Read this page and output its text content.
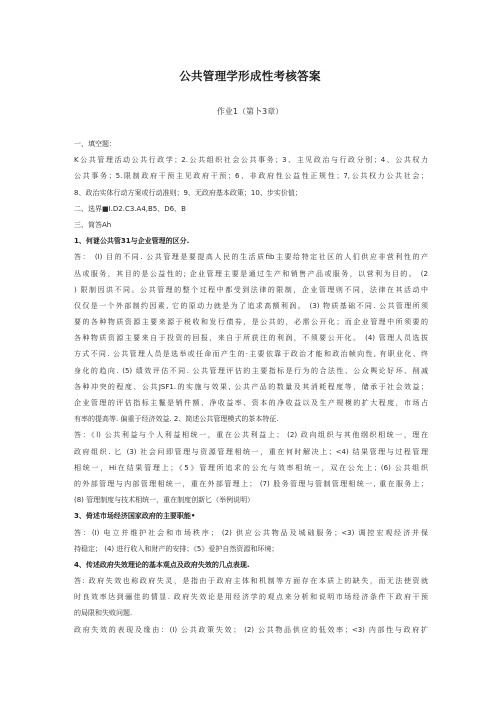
公共管理学形成性考核答案
作业1（第卜3章）
一、填空题：
K公共管理活动公共行政学；2.公共组织社会公共事务；3、主见政治与行政分别；4、公共权力
公共事务；5.限制政府干预主见政府干预；6、非政府性公益性正规性；7,公共权力公共社会；
8、政治实体行动方案或行动准则；9、无政府基本政策；10、步实价值；
二、选界■I.D2.C3.A4,B5、D6、B
三、简答Ah
1、何谜公共管31与企业管理的区分.
答： (I) 目的不同. 公共管理是要提高人民的生活质fib主要给特定社区的人们供应非营利性的产
丛或服务，其目的是公益性的; 企业管理主要是通过生产和销售产品或服务，以营利为目的。 (2
) 限制因洪不同。公共管理的整个过程中都受到法律的限制，企业管理则不同，法律在其活动中
仅仅是一个外部制约因素, 它的原动力就是为了追求高额利润。 (3) 物质基础不同. 公共管理所须
要的各种物质资源主要来源于税收和发行债券，是公共的，必需公开化；而企业管理中所须要的
各种物质资源主要来自于投资的回报，来自于所获注的利润，不须要公开化。 (4) 管理人员选拔
方式不同. 公共管理人员是选举或任命而产生的·主要依靠于政治才能和政治帧向性, 有职业化、终
身化的趋向. (5) 绩效评估不同. 公共管理评估的主要指标是行为的合法性、公众舆论好坏、削减
各种冲突的程度、公共JSF1.的实施与效果, 公共产品的数量及其消耗程度等，储承于社会效益；
企业管理的评估指标主鬣是销件额、净收益率、资本的净收益以及生产规模的扩大程度，市场占
有率的提高等. 偏重于经济效益. 2、简述公共管理模式的茶本特征.
答：《l) 公共利益与个人利益相统一，重在公共利益上； (2) 政向组织与其他纲织相统一，理在
政府组织. 匕 (3) 社会问即管理与资源管理相统一，重在何时解决上；<4) 结果管理与过程管理
相统一，Hi在结果管理上；《5》管理所追求的公允与效率相统一，双在公允上；(6) 公共组织
的外部管理与内部管理相统一，重在外部管理上； (7) 股务管理与管制管理相统一, 重在服务上；
(8) 管理制度与技术相统一，重在制度创新匕（举例说明）
3、倚述市场经济国家政府的主要职能•
答：(I) 电立并维护社会和市场秩序； (2) 供应公共物品及城础服务；<3) 调控宏观经济并保
持稳定； (4) 进行收入和财产的安排；《5》爱护自然资源和环境；
4、传述政府失效理论的基本观点及政府失效的几点表现.
答: 政府失效也称政府失灵，是指由于政府主体和机制等方面存在本质上的缺失，而无法使资就
时良效率达到骊佳的情显. 政府失效论是用经济学的观点来分析和说明市场经济条件下政府干预
的局限和失败问题.
政府失效的表现及缘由：(I) 公共政策失效； (2) 公共物品供应的低效率；<3) 内部性与政府扩
